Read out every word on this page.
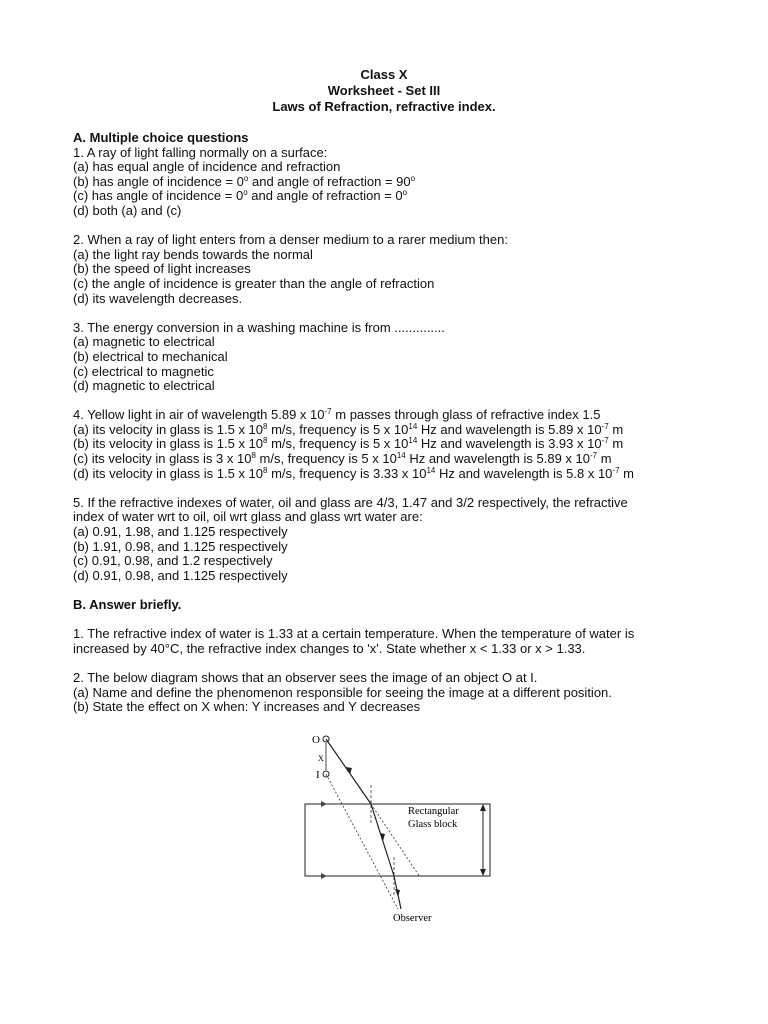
Class X
Worksheet - Set III
Laws of Refraction, refractive index.
A. Multiple choice questions
1. A ray of light falling normally on a surface:
(a) has equal angle of incidence and refraction
(b) has angle of incidence = $0^o$ and angle of refraction = $90^o$
(c) has angle of incidence = $0^o$ and angle of refraction = $0^o$
(d) both (a) and (c)
2. When a ray of light enters from a denser medium to a rarer medium then:
(a) the light ray bends towards the normal
(b) the speed of light increases
(c) the angle of incidence is greater than the angle of refraction
(d) its wavelength decreases.
3. The energy conversion in a washing machine is from ..............
(a) magnetic to electrical
(b) electrical to mechanical
(c) electrical to magnetic
(d) magnetic to electrical
4. Yellow light in air of wavelength 5.89 x $10^{-7}$ m passes through glass of refractive index 1.5
(a) its velocity in glass is 1.5 x $10^8$ m/s, frequency is 5 x $10^{14}$ Hz and wavelength is 5.89 x $10^{-7}$ m
(b) its velocity in glass is 1.5 x $10^8$ m/s, frequency is 5 x $10^{14}$ Hz and wavelength is 3.93 x $10^{-7}$ m
(c) its velocity in glass is 3 x $10^8$ m/s, frequency is 5 x $10^{14}$ Hz and wavelength is 5.89 x $10^{-7}$ m
(d) its velocity in glass is 1.5 x $10^8$ m/s, frequency is 3.33 x $10^{14}$ Hz and wavelength is 5.8 x $10^{-7}$ m
5. If the refractive indexes of water, oil and glass are 4/3, 1.47 and 3/2 respectively, the refractive
index of water wrt to oil, oil wrt glass and glass wrt water are:
(a) 0.91, 1.98, and 1.125 respectively
(b) 1.91, 0.98, and 1.125 respectively
(c) 0.91, 0.98, and 1.2 respectively
(d) 0.91, 0.98, and 1.125 respectively
B. Answer briefly.
1. The refractive index of water is 1.33 at a certain temperature. When the temperature of water is
increased by 40°C, the refractive index changes to 'x'. State whether x < 1.33 or x > 1.33.
2. The below diagram shows that an observer sees the image of an object O at I.
(a) Name and define the phenomenon responsible for seeing the image at a different position.
(b) State the effect on X when: Y increases and Y decreases
O
I
X
Rectangular
Glass block
Observer
